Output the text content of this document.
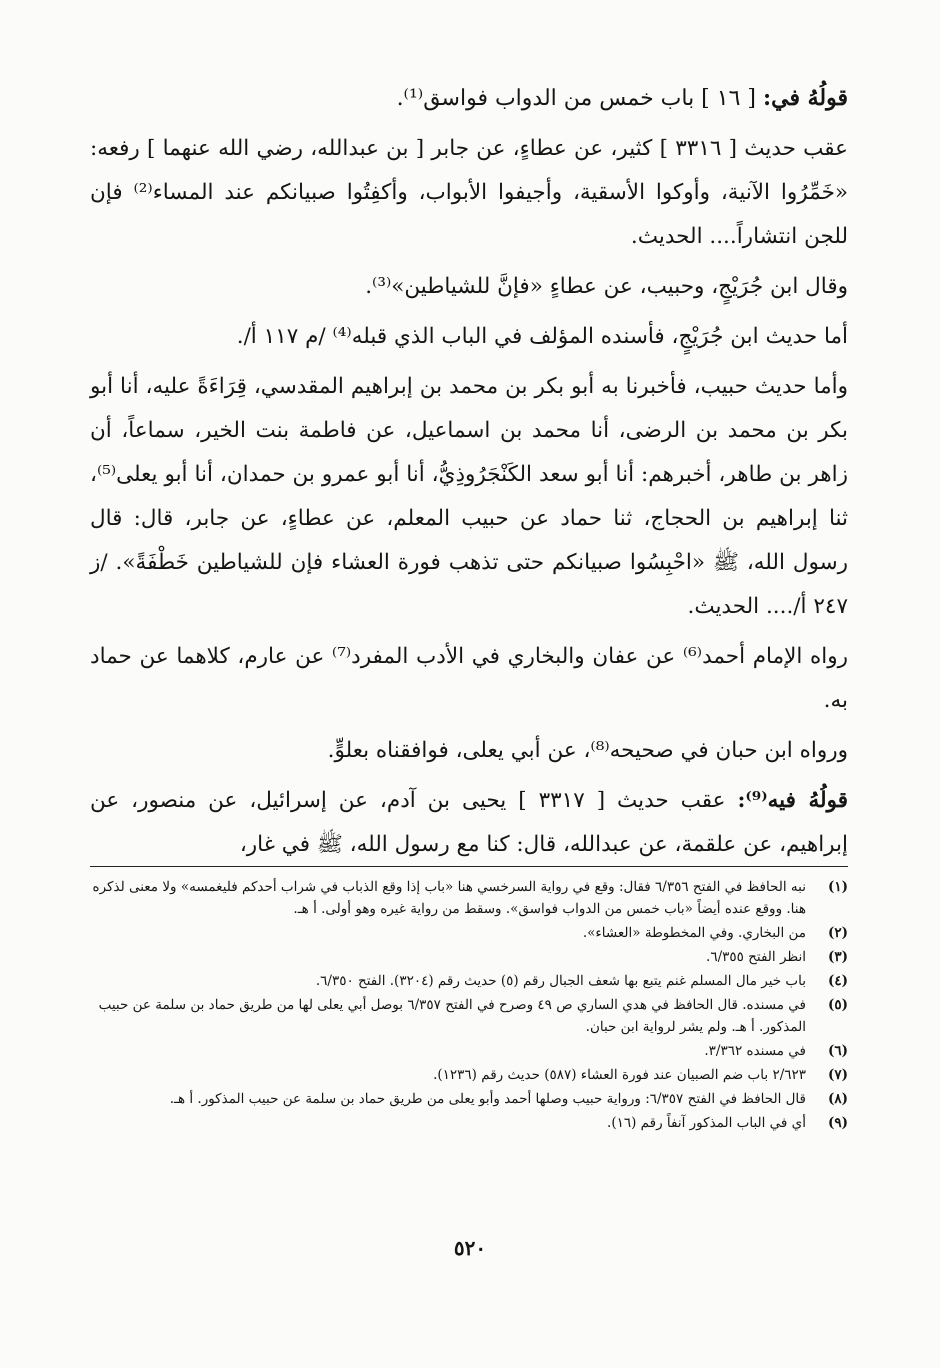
قولُهُ في: [ ١٦ ] باب خمس من الدواب فواسق⁽¹⁾.

عقب حديث [ ٣٣١٦ ] كثير، عن عطاءٍ، عن جابر [ بن عبدالله، رضي الله عنهما ] رفعه: «خَمِّرُوا الآنية، وأوكوا الأسقية، وأجيفوا الأبواب، وأكفِتُوا صبيانكم عند المساء⁽²⁾ فإن للجن انتشاراً.... الحديث.

وقال ابن جُرَيْجٍ، وحبيب، عن عطاءٍ «فإنَّ للشياطين»⁽³⁾.

أما حديث ابن جُرَيْجٍ، فأسنده المؤلف في الباب الذي قبله⁽⁴⁾ /م ١١٧ أ/.

وأما حديث حبيب، فأخبرنا به أبو بكر بن محمد بن إبراهيم المقدسي، قِرَاءَةً عليه، أنا أبو بكر بن محمد بن الرضى، أنا محمد بن اسماعيل، عن فاطمة بنت الخير، سماعاً، أن زاهر بن طاهر، أخبرهم: أنا أبو سعد الكَنْجَرُوذِيُّ، أنا أبو عمرو بن حمدان، أنا أبو يعلى⁽⁵⁾، ثنا إبراهيم بن الحجاج، ثنا حماد عن حبيب المعلم، عن عطاءٍ، عن جابر، قال: قال رسول الله، ﷺ «احْبِسُوا صبيانكم حتى تذهب فورة العشاء فإن للشياطين خَطْفَةً». /ز ٢٤٧ أ/.... الحديث.

رواه الإمام أحمد⁽⁶⁾ عن عفان والبخاري في الأدب المفرد⁽⁷⁾ عن عارم، كلاهما عن حماد به.

ورواه ابن حبان في صحيحه⁽⁸⁾، عن أبي يعلى، فوافقناه بعلوٍّ.

قولُهُ فيه⁽⁹⁾: عقب حديث [ ٣٣١٧ ] يحيى بن آدم، عن إسرائيل، عن منصور، عن إبراهيم، عن علقمة، عن عبدالله، قال: كنا مع رسول الله، ﷺ في غار،

(١)
نبه الحافظ في الفتح ٦/٣٥٦ فقال: وقع في رواية السرخسي هنا «باب إذا وقع الذباب في شراب أحدكم فليغمسه» ولا معنى لذكره هنا. ووقع عنده أيضاً «باب خمس من الدواب فواسق». وسقط من رواية غيره وهو أولى. أ هـ.
(٢)
من البخاري. وفي المخطوطة «العشاء».
(٣)
انظر الفتح ٦/٣٥٥.
(٤)
باب خير مال المسلم غنم يتبع بها شعف الجبال رقم (٥) حديث رقم (٣٢٠٤). الفتح ٦/٣٥٠.
(٥)
في مسنده. قال الحافظ في هدي الساري ص ٤٩ وصرح في الفتح ٦/٣٥٧ بوصل أبي يعلى لها من طريق حماد بن سلمة عن حبيب المذكور. أ هـ. ولم يشر لرواية ابن حبان.
(٦)
في مسنده ٣/٣٦٢.
(٧)
٢/٦٢٣ باب ضم الصبيان عند فورة العشاء (٥٨٧) حديث رقم (١٢٣٦).
(٨)
قال الحافظ في الفتح ٦/٣٥٧: ورواية حبيب وصلها أحمد وأبو يعلى من طريق حماد بن سلمة عن حبيب المذكور. أ هـ.
(٩)
أي في الباب المذكور آنفاً رقم (١٦).
٥٢٠
